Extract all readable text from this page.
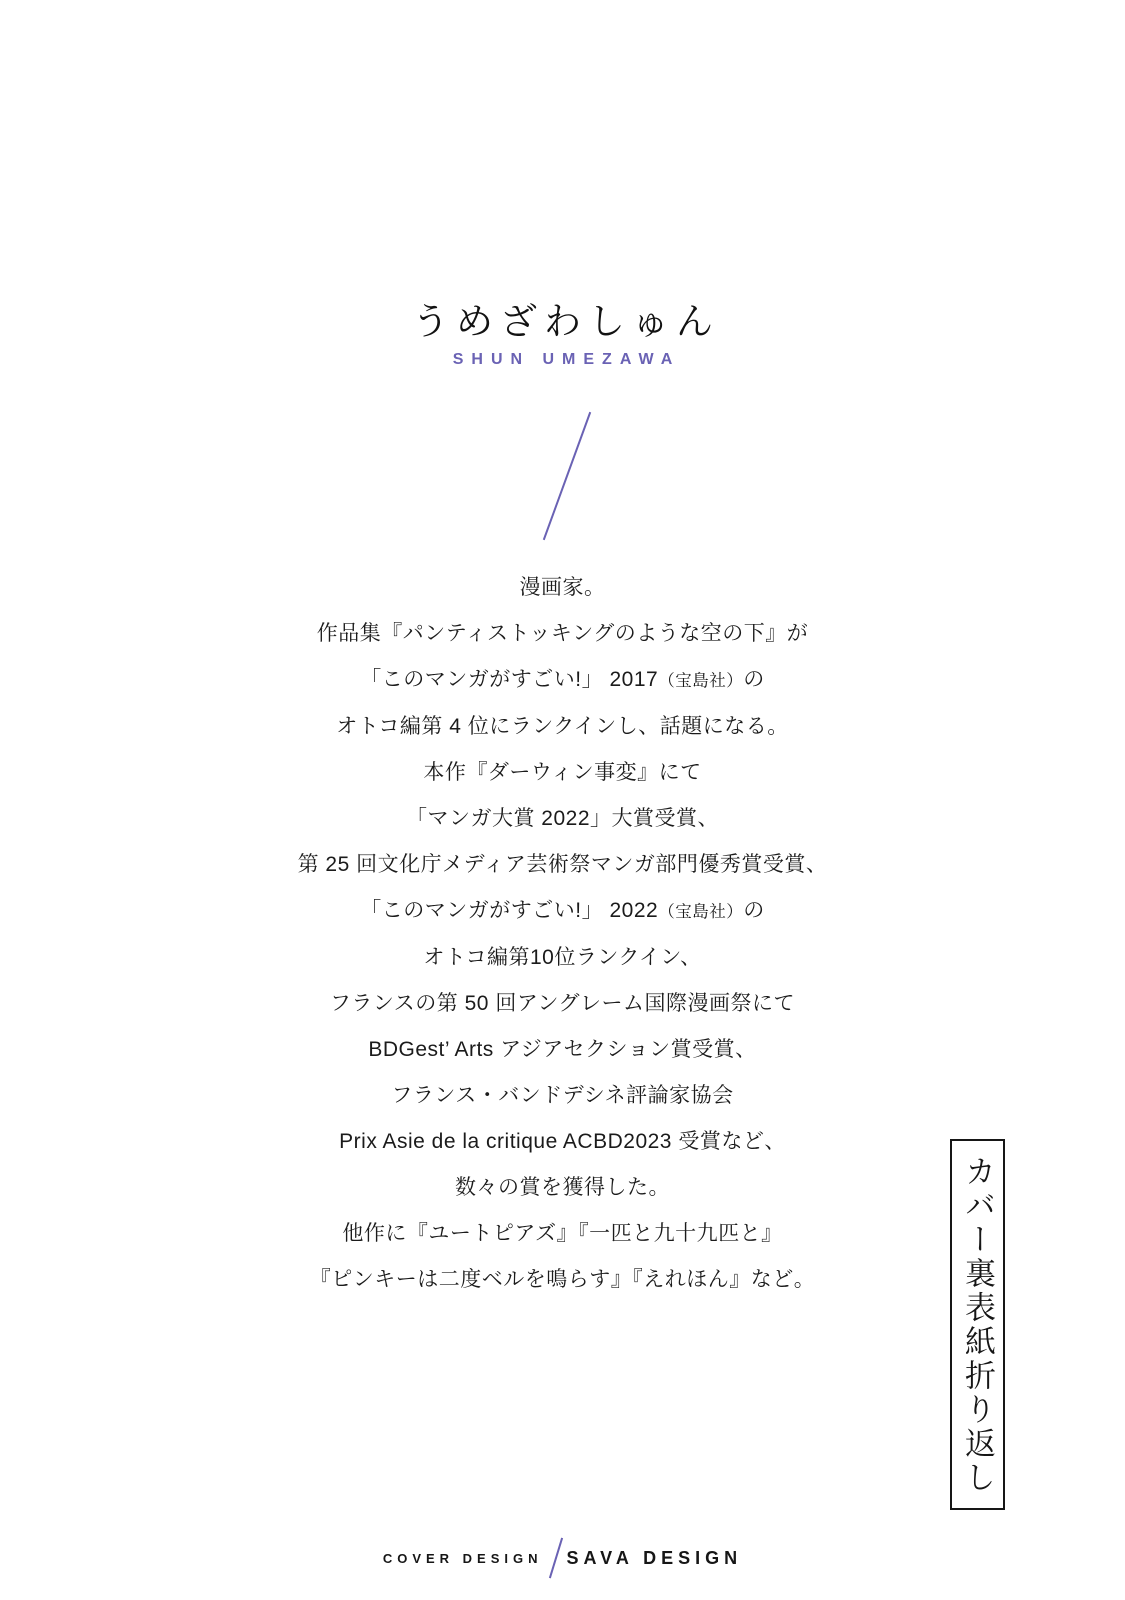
うめざわしゅん
SHUN UMEZAWA
漫画家。
作品集『パンティストッキングのような空の下』が
「このマンガがすごい!」 2017（宝島社）の
オトコ編第 4 位にランクインし、話題になる。
本作『ダーウィン事変』にて
「マンガ大賞 2022」大賞受賞、
第 25 回文化庁メディア芸術祭マンガ部門優秀賞受賞、
「このマンガがすごい!」 2022（宝島社）の
オトコ編第10位ランクイン、
フランスの第 50 回アングレーム国際漫画祭にて
BDGest’ Arts アジアセクション賞受賞、
フランス・バンドデシネ評論家協会
Prix Asie de la critique ACBD2023 受賞など、
数々の賞を獲得した。
他作に『ユートピアズ』『一匹と九十九匹と』
『ピンキーは二度ベルを鳴らす』『えれほん』など。	カバー裏表紙折り返し
COVER DESIGN SAVA DESIGN
